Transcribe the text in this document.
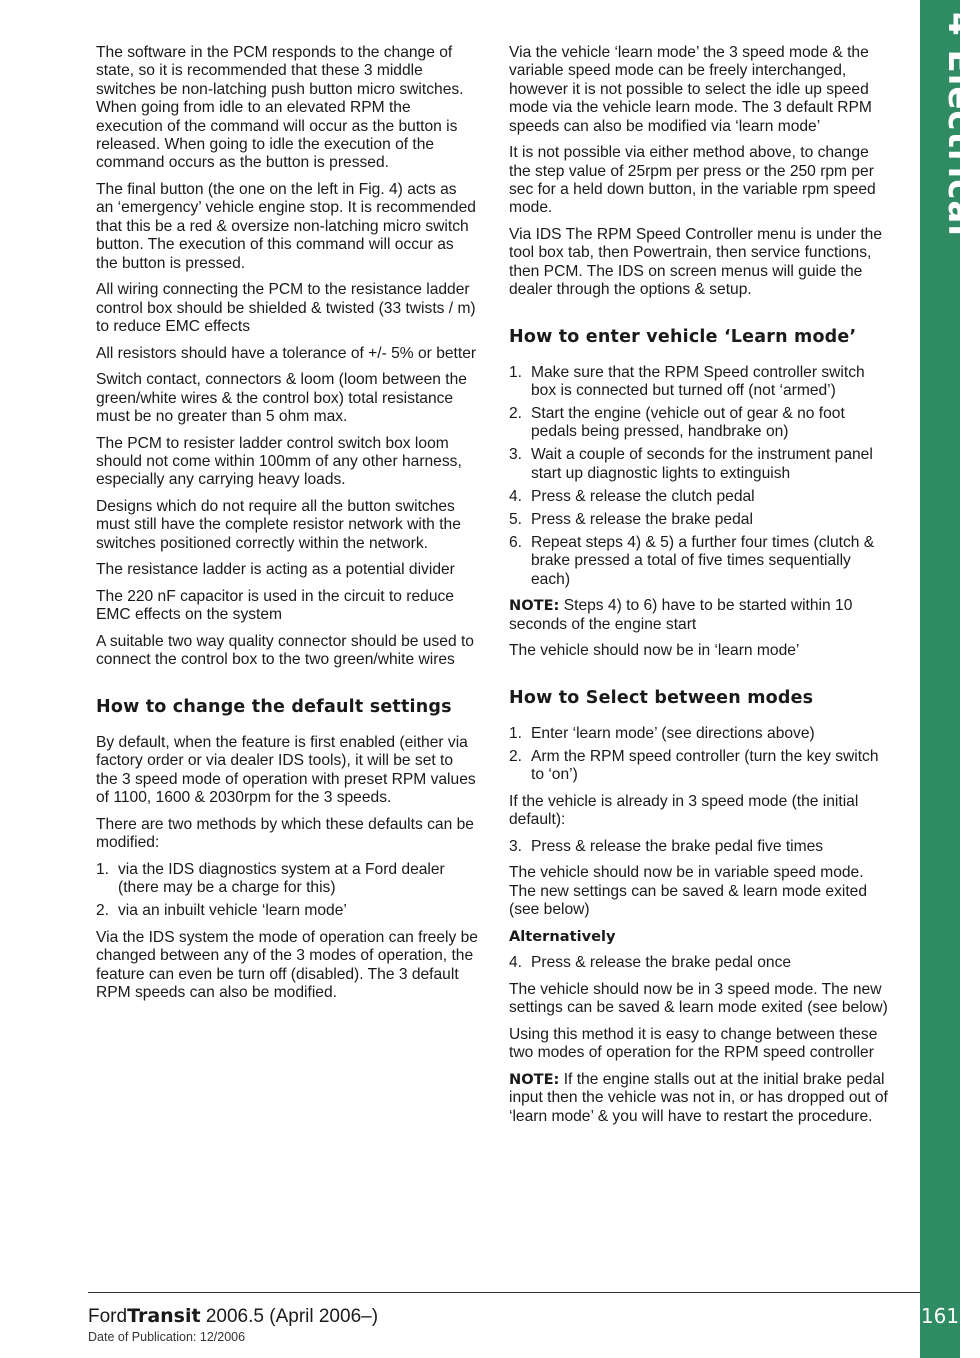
The software in the PCM responds to the change of state, so it is recommended that these 3 middle switches be non-latching push button micro switches. When going from idle to an elevated RPM the execution of the command will occur as the button is released. When going to idle the execution of the command occurs as the button is pressed.

The final button (the one on the left in Fig. 4) acts as an ‘emergency’ vehicle engine stop. It is recommended that this be a red & oversize non-latching micro switch button. The execution of this command will occur as the button is pressed.

All wiring connecting the PCM to the resistance ladder control box should be shielded & twisted (33 twists / m) to reduce EMC effects

All resistors should have a tolerance of +/- 5% or better

Switch contact, connectors & loom (loom between the green/white wires & the control box) total resistance must be no greater than 5 ohm max.

The PCM to resister ladder control switch box loom should not come within 100mm of any other harness, especially any carrying heavy loads.

Designs which do not require all the button switches must still have the complete resistor network with the switches positioned correctly within the network.

The resistance ladder is acting as a potential divider

The 220 nF capacitor is used in the circuit to reduce EMC effects on the system

A suitable two way quality connector should be used to connect the control box to the two green/white wires

How to change the default settings

By default, when the feature is first enabled (either via factory order or via dealer IDS tools), it will be set to the 3 speed mode of operation with preset RPM values of 1100, 1600 & 2030rpm for the 3 speeds.

There are two methods by which these defaults can be modified:

1. via the IDS diagnostics system at a Ford dealer (there may be a charge for this)
2. via an inbuilt vehicle ‘learn mode’

Via the IDS system the mode of operation can freely be changed between any of the 3 modes of operation, the feature can even be turn off (disabled). The 3 default RPM speeds can also be modified.

Via the vehicle ‘learn mode’ the 3 speed mode & the variable speed mode can be freely interchanged, however it is not possible to select the idle up speed mode via the vehicle learn mode. The 3 default RPM speeds can also be modified via ‘learn mode’

It is not possible via either method above, to change the step value of 25rpm per press or the 250 rpm per sec for a held down button, in the variable rpm speed mode.

Via IDS The RPM Speed Controller menu is under the tool box tab, then Powertrain, then service functions, then PCM. The IDS on screen menus will guide the dealer through the options & setup.

How to enter vehicle ‘Learn mode’
1. Make sure that the RPM Speed controller switch box is connected but turned off (not ‘armed’)
2. Start the engine (vehicle out of gear & no foot pedals being pressed, handbrake on)
3. Wait a couple of seconds for the instrument panel start up diagnostic lights to extinguish
4. Press & release the clutch pedal
5. Press & release the brake pedal
6. Repeat steps 4) & 5) a further four times (clutch & brake pressed a total of five times sequentially each)

NOTE: Steps 4) to 6) have to be started within 10 seconds of the engine start

The vehicle should now be in ‘learn mode’

How to Select between modes
1. Enter ‘learn mode’ (see directions above)
2. Arm the RPM speed controller (turn the key switch to ‘on’)

If the vehicle is already in 3 speed mode (the initial default):

3. Press & release the brake pedal five times

The vehicle should now be in variable speed mode. The new settings can be saved & learn mode exited (see below)

Alternatively

4. Press & release the brake pedal once

The vehicle should now be in 3 speed mode. The new settings can be saved & learn mode exited (see below)

Using this method it is easy to change between these two modes of operation for the RPM speed controller

NOTE: If the engine stalls out at the initial brake pedal input then the vehicle was not in, or has dropped out of ‘learn mode’ & you will have to restart the procedure.

4 Electrical
161
FordTransit 2006.5 (April 2006–)
Date of Publication: 12/2006
